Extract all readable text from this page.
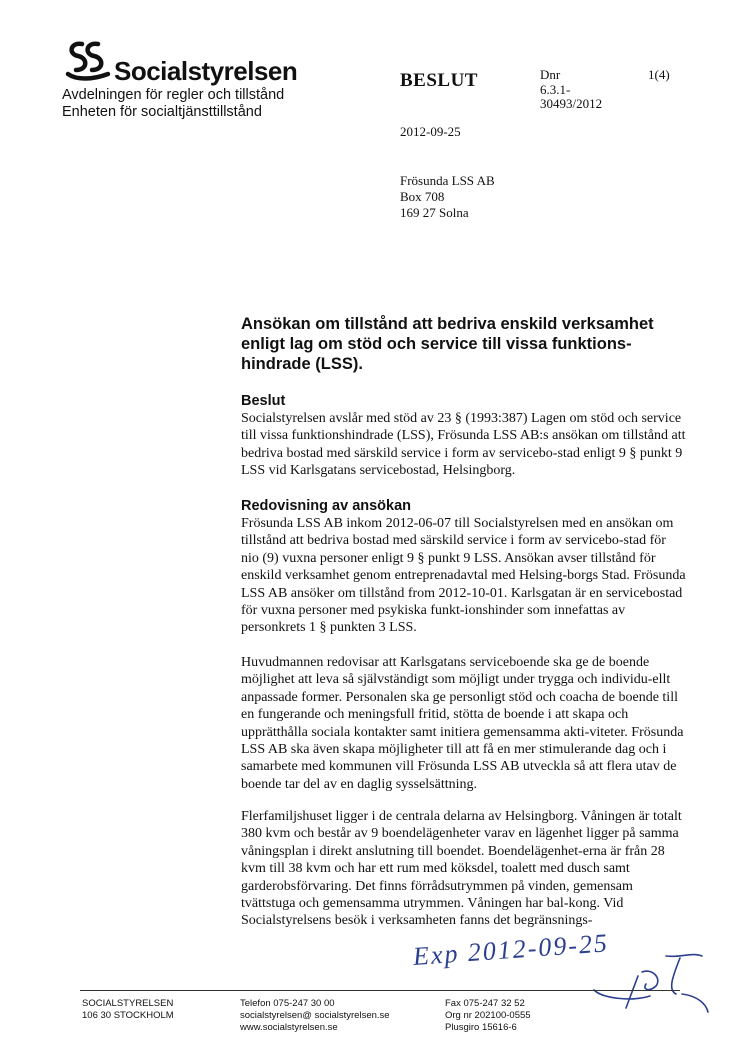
Socialstyrelsen
Avdelningen för regler och tillstånd
Enheten för socialtjänsttillstånd
BESLUT	Dnr
6.3.1-
30493/2012
1(4)
2012-09-25
Frösunda LSS AB
Box 708
169 27 Solna
Ansökan om tillstånd att bedriva enskild verksamhet enligt lag om stöd och service till vissa funktions-hindrade (LSS).
Beslut
Socialstyrelsen avslår med stöd av 23 § (1993:387) Lagen om stöd och service till vissa funktionshindrade (LSS), Frösunda LSS AB:s ansökan om tillstånd att bedriva bostad med särskild service i form av servicebo-stad enligt 9 § punkt 9 LSS vid Karlsgatans servicebostad, Helsingborg.
Redovisning av ansökan
Frösunda LSS AB inkom 2012-06-07 till Socialstyrelsen med en ansökan om tillstånd att bedriva bostad med särskild service i form av servicebo-stad för nio (9) vuxna personer enligt 9 § punkt 9 LSS. Ansökan avser tillstånd för enskild verksamhet genom entreprenadavtal med Helsing-borgs Stad. Frösunda LSS AB ansöker om tillstånd from 2012-10-01. Karlsgatan är en servicebostad för vuxna personer med psykiska funkt-ionshinder som innefattas av personkrets 1 § punkten 3 LSS.
Huvudmannen redovisar att Karlsgatans serviceboende ska ge de boende möjlighet att leva så självständigt som möjligt under trygga och individu-ellt anpassade former. Personalen ska ge personligt stöd och coacha de boende till en fungerande och meningsfull fritid, stötta de boende i att skapa och upprätthålla sociala kontakter samt initiera gemensamma akti-viteter. Frösunda LSS AB ska även skapa möjligheter till att få en mer stimulerande dag och i samarbete med kommunen vill Frösunda LSS AB utveckla så att flera utav de boende tar del av en daglig sysselsättning.
Flerfamiljshuset ligger i de centrala delarna av Helsingborg. Våningen är totalt 380 kvm och består av 9 boendelägenheter varav en lägenhet ligger på samma våningsplan i direkt anslutning till boendet. Boendelägenhet-erna är från 28 kvm till 38 kvm och har ett rum med köksdel, toalett med dusch samt garderobsförvaring. Det finns förrådsutrymmen på vinden, gemensam tvättstuga och gemensamma utrymmen. Våningen har bal-kong. Vid Socialstyrelsens besök i verksamheten fanns det begränsnings-
Exp 2012-09-25
SOCIALSTYRELSEN
106 30 STOCKHOLM
Telefon 075-247 30 00
socialstyrelsen@ socialstyrelsen.se
www.socialstyrelsen.se
Fax 075-247 32 52
Org nr 202100-0555
Plusgiro 15616-6
